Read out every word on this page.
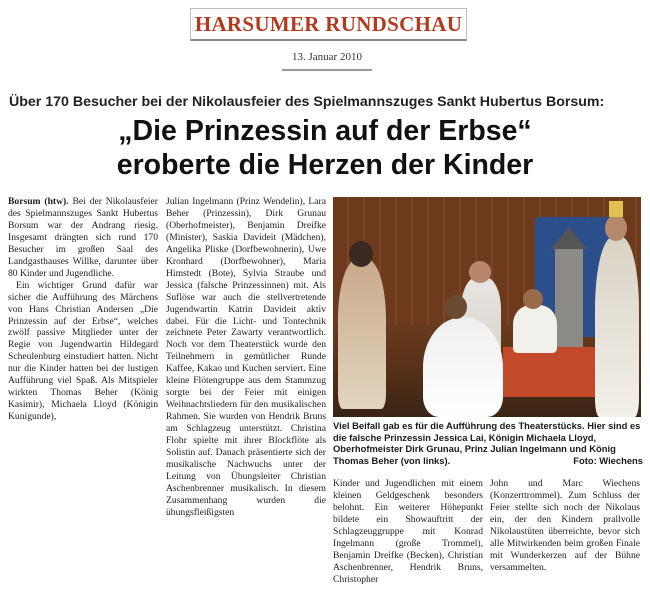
HARSUMER RUNDSCHAU
13. Januar 2010
Über 170 Besucher bei der Nikolausfeier des Spielmannszuges Sankt Hubertus Borsum:
„Die Prinzessin auf der Erbse“
eroberte die Herzen der Kinder

Borsum (htw). Bei der Nikolausfeier des Spielmannszuges Sankt Hubertus Borsum war der Andrang riesig. Insgesamt drängten sich rund 170 Besucher im großen Saal des Landgasthauses Willke, darunter über 80 Kinder und Jugendliche.

Ein wichtiger Grund dafür war sicher die Aufführung des Märchens von Hans Christian Andersen „Die Prinzessin auf der Erbse“, welches zwölf passive Mitglieder unter der Regie von Jugendwartin Hildegard Scheulenburg einstudiert hatten. Nicht nur die Kinder hatten bei der lustigen Aufführung viel Spaß. Als Mitspieler wirkten Thomas Beher (König Kasimir), Michaela Lloyd (Königin Kunigunde),

Julian Ingelmann (Prinz Wendelin), Lara Beher (Prinzessin), Dirk Grunau (Oberhofmeister), Benjamin Dreifke (Minister), Saskia Davideit (Mädchen), Angelika Pliske (Dorfbewohnerin), Uwe Kronhard (Dorfbewohner), Maria Himstedt (Bote), Sylvia Straube und Jessica (falsche Prinzessinnen) mit. Als Suflöse war auch die stellvertretende Jugendwartin Katrin Davideit aktiv dabei. Für die Licht- und Tontechnik zeichnete Peter Zawarty verantwortlich. Noch vor dem Theaterstück wurde den Teilnehmern in gemütlicher Runde Kaffee, Kakao und Kuchen serviert. Eine kleine Flötengruppe aus dem Stammzug sorgte bei der Feier mit einigen Weihnachtsliedern für den musikalischen Rahmen. Sie wurden von Hendrik Bruns am Schlagzeug unterstützt. Christina Flohr spielte mit ihrer Blockflöte als Solistin auf. Danach präsentierte sich der musikalische Nachwuchs unter der Leitung von Übungsleiter Christian Aschenbrenner musikalisch. In diesem Zusammenhang wurden die übungsfleißigsten

Viel Beifall gab es für die Aufführung des Theaterstücks. Hier sind es die falsche Prinzessin Jessica Lai, Königin Michaela Lloyd, Oberhofmeister Dirk Grunau, Prinz Julian Ingelmann und König Thomas Beher (von links).	Foto: Wiechens

Kinder und Jugendlichen mit einem kleinen Geldgeschenk besonders belohnt. Ein weiterer Höhepunkt bildete ein Showauftritt der Schlagzeuggruppe mit Konrad Ingelmann (große Trommel), Benjamin Dreifke (Becken), Christian Aschenbrenner, Hendrik Bruns, Christopher

John und Marc Wiechens (Konzerttrommel). Zum Schluss der Feier stellte sich noch der Nikolaus ein, der den Kindern prallvolle Nikolaustüten überreichte, bevor sich alle Mitwirkenden beim großen Finale mit Wunderkerzen auf der Bühne versammelten.
